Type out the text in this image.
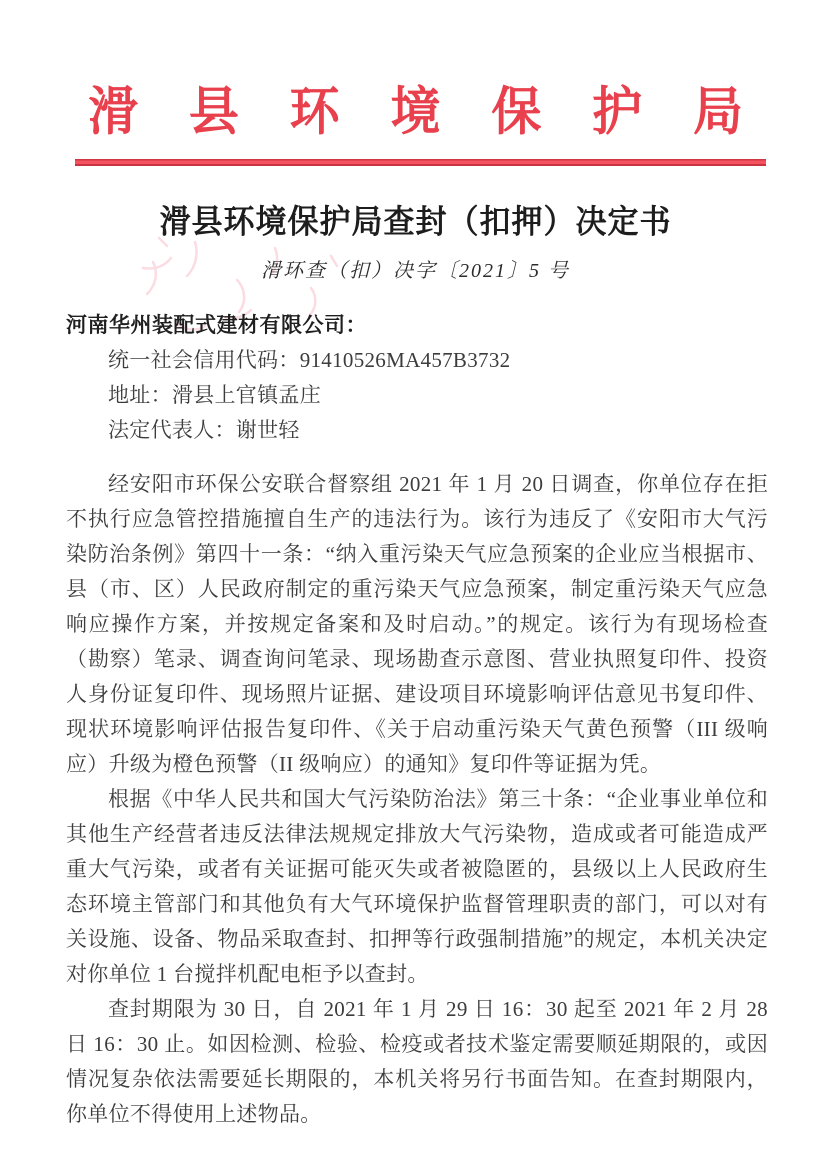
滑 县 环 境 保 护 局
滑县环境保护局查封（扣押）决定书
滑环查（扣）决字〔2021〕5 号
河南华州装配式建材有限公司：
统一社会信用代码：91410526MA457B3732
地址：滑县上官镇孟庄
法定代表人：谢世轻

经安阳市环保公安联合督察组 2021 年 1 月 20 日调查，你单位存在拒不执行应急管控措施擅自生产的违法行为。该行为违反了《安阳市大气污染防治条例》第四十一条：“纳入重污染天气应急预案的企业应当根据市、县（市、区）人民政府制定的重污染天气应急预案，制定重污染天气应急响应操作方案，并按规定备案和及时启动。”的规定。该行为有现场检查（勘察）笔录、调查询问笔录、现场勘查示意图、营业执照复印件、投资人身份证复印件、现场照片证据、建设项目环境影响评估意见书复印件、现状环境影响评估报告复印件、《关于启动重污染天气黄色预警（III 级响应）升级为橙色预警（II 级响应）的通知》复印件等证据为凭。

根据《中华人民共和国大气污染防治法》第三十条：“企业事业单位和其他生产经营者违反法律法规规定排放大气污染物，造成或者可能造成严重大气污染，或者有关证据可能灭失或者被隐匿的，县级以上人民政府生态环境主管部门和其他负有大气环境保护监督管理职责的部门，可以对有关设施、设备、物品采取查封、扣押等行政强制措施”的规定，本机关决定对你单位 1 台搅拌机配电柜予以查封。

查封期限为 30 日，自 2021 年 1 月 29 日 16：30 起至 2021 年 2 月 28 日 16：30 止。如因检测、检验、检疫或者技术鉴定需要顺延期限的，或因情况复杂依法需要延长期限的，本机关将另行书面告知。在查封期限内，你单位不得使用上述物品。
